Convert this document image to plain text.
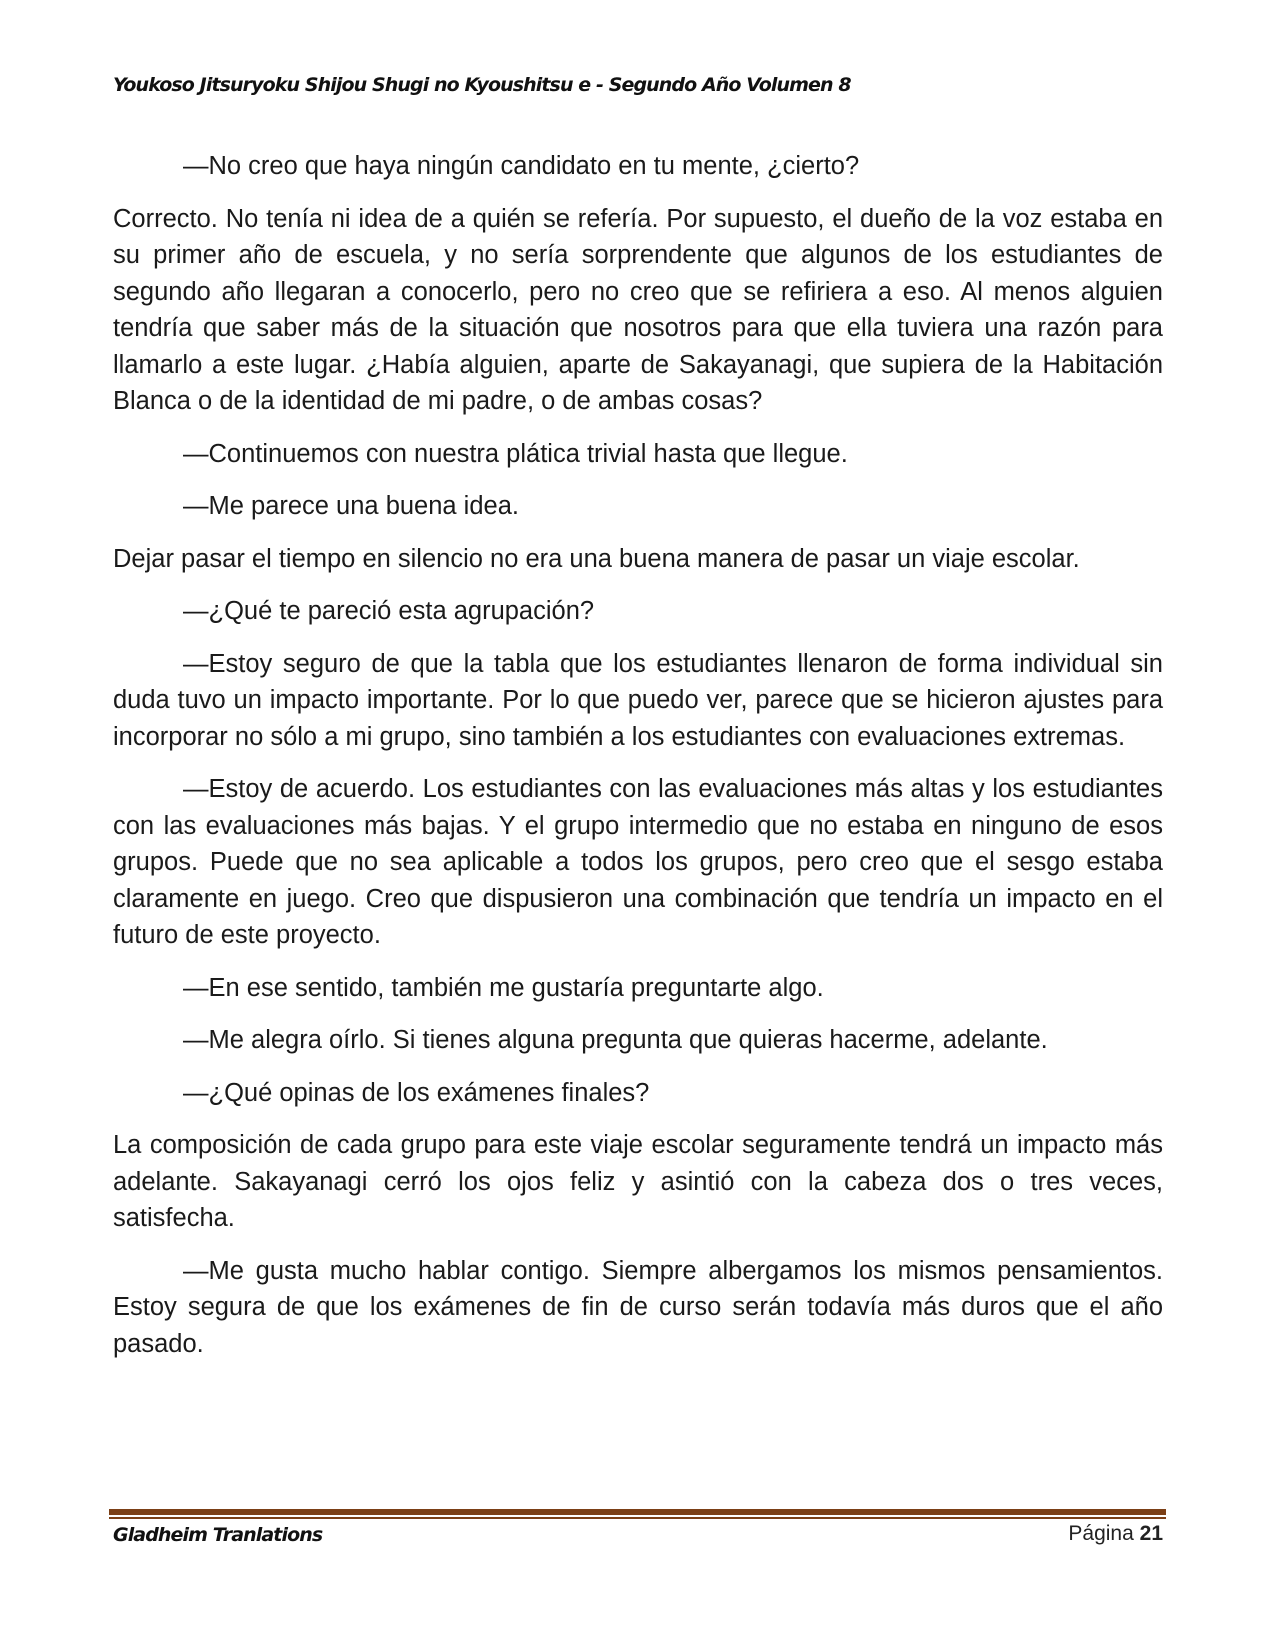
Youkoso Jitsuryoku Shijou Shugi no Kyoushitsu e - Segundo Año Volumen 8

—No creo que haya ningún candidato en tu mente, ¿cierto?

Correcto. No tenía ni idea de a quién se refería. Por supuesto, el dueño de la voz estaba en su primer año de escuela, y no sería sorprendente que algunos de los estudiantes de segundo año llegaran a conocerlo, pero no creo que se refiriera a eso. Al menos alguien tendría que saber más de la situación que nosotros para que ella tuviera una razón para llamarlo a este lugar. ¿Había alguien, aparte de Sakayanagi, que supiera de la Habitación Blanca o de la identidad de mi padre, o de ambas cosas?

—Continuemos con nuestra plática trivial hasta que llegue.

—Me parece una buena idea.

Dejar pasar el tiempo en silencio no era una buena manera de pasar un viaje escolar.

—¿Qué te pareció esta agrupación?

—Estoy seguro de que la tabla que los estudiantes llenaron de forma individual sin duda tuvo un impacto importante. Por lo que puedo ver, parece que se hicieron ajustes para incorporar no sólo a mi grupo, sino también a los estudiantes con evaluaciones extremas.

—Estoy de acuerdo. Los estudiantes con las evaluaciones más altas y los estudiantes con las evaluaciones más bajas. Y el grupo intermedio que no estaba en ninguno de esos grupos. Puede que no sea aplicable a todos los grupos, pero creo que el sesgo estaba claramente en juego. Creo que dispusieron una combinación que tendría un impacto en el futuro de este proyecto.

—En ese sentido, también me gustaría preguntarte algo.

—Me alegra oírlo. Si tienes alguna pregunta que quieras hacerme, adelante.

—¿Qué opinas de los exámenes finales?

La composición de cada grupo para este viaje escolar seguramente tendrá un impacto más adelante. Sakayanagi cerró los ojos feliz y asintió con la cabeza dos o tres veces, satisfecha.

—Me gusta mucho hablar contigo. Siempre albergamos los mismos pensamientos. Estoy segura de que los exámenes de fin de curso serán todavía más duros que el año pasado.

Gladheim Tranlations	Página 21
